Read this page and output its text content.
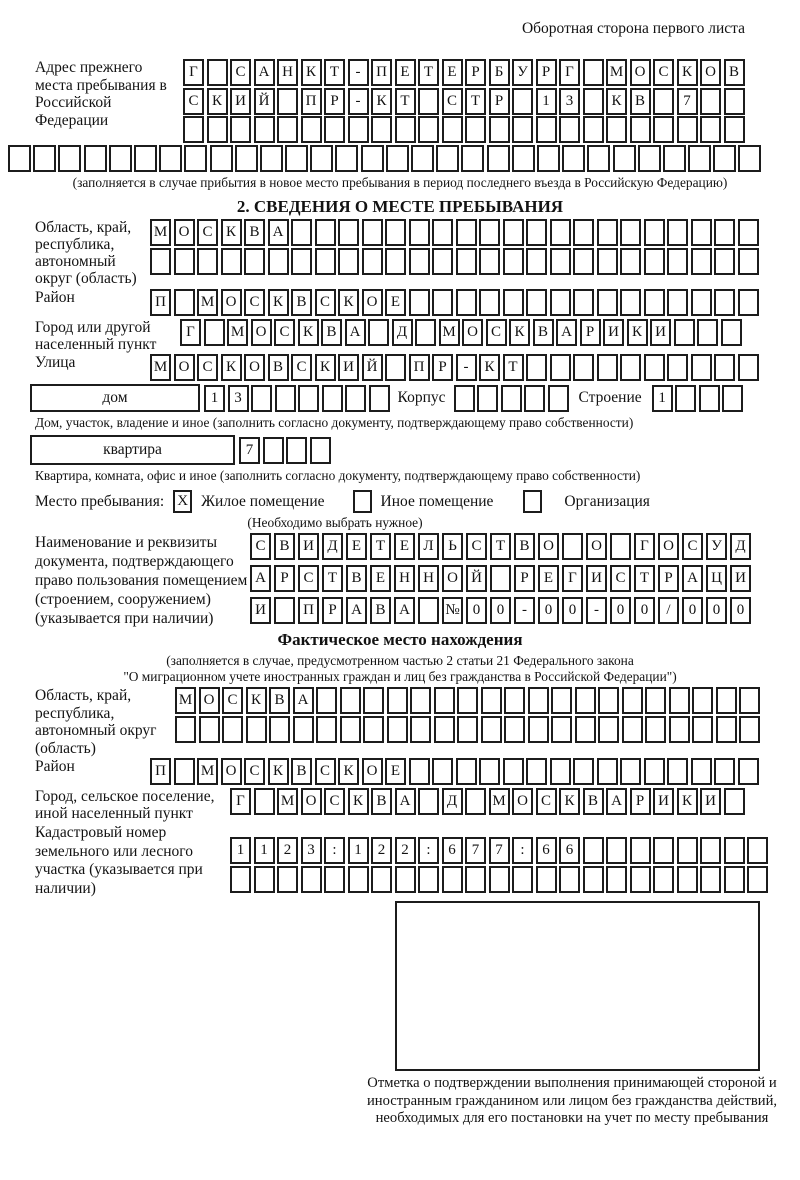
Оборотная сторона первого листа
Адрес прежнего места пребывания в Российской Федерации
Г	С А Н К Т	-	П Е Т Е Р	Б У Р Г	М О С К О В
С К И Й	П Р	-	К Т	С Т Р	1	3	К В	7
(заполняется в случае прибытия в новое место пребывания в период последнего въезда в Российскую Федерацию)
2. СВЕДЕНИЯ О МЕСТЕ ПРЕБЫВАНИЯ
Область, край, республика, автономный округ (область)
М О С К В А
Район	П	М О С К В С К О Е
Город или другой населенный пункт
Г	М О С К В А	Д	М О С К В А Р И К И
Улица	М О С К О В С К И Й	П Р	-	К Т
дом	1	3	Корпус	Строение	1
Дом, участок, владение и иное (заполнить согласно документу, подтверждающему право собственности)
квартира	7
Квартира, комната, офис и иное (заполнить согласно документу, подтверждающему право собственности)
Место пребывания: X Жилое помещение	Иное помещение	Организация
(Необходимо выбрать нужное)
Наименование и реквизиты документа, подтверждающего право пользования помещением (строением, сооружением) (указывается при наличии)
С В И Д Е Т Е Л Ь С Т В О	О	Г О С У Д
А Р С Т В Е Н Н О Й	Р	Е	Г И С Т	Р А Ц И
И	П Р А В А	№ 0	0	-	0	0	-	0	0	/	0	0	0
Фактическое место нахождения
(заполняется в случае, предусмотренном частью 2 статьи 21 Федерального закона
"О миграционном учете иностранных граждан и лиц без гражданства в Российской Федерации")
Область, край, республика, автономный округ (область)
М О С К В А
Район	П	М О С К В С К О Е
Город, сельское поселение, иной населенный пункт
Г	М О С К В А	Д	М О С К В А Р И К И
Кадастровый номер земельного или лесного участка (указывается при наличии)
1	1	2	3	:	1	2	2	:	6	7	7	:	6	6
Отметка о подтверждении выполнения принимающей стороной и иностранным гражданином или лицом без гражданства действий, необходимых для его постановки на учет по месту пребывания
